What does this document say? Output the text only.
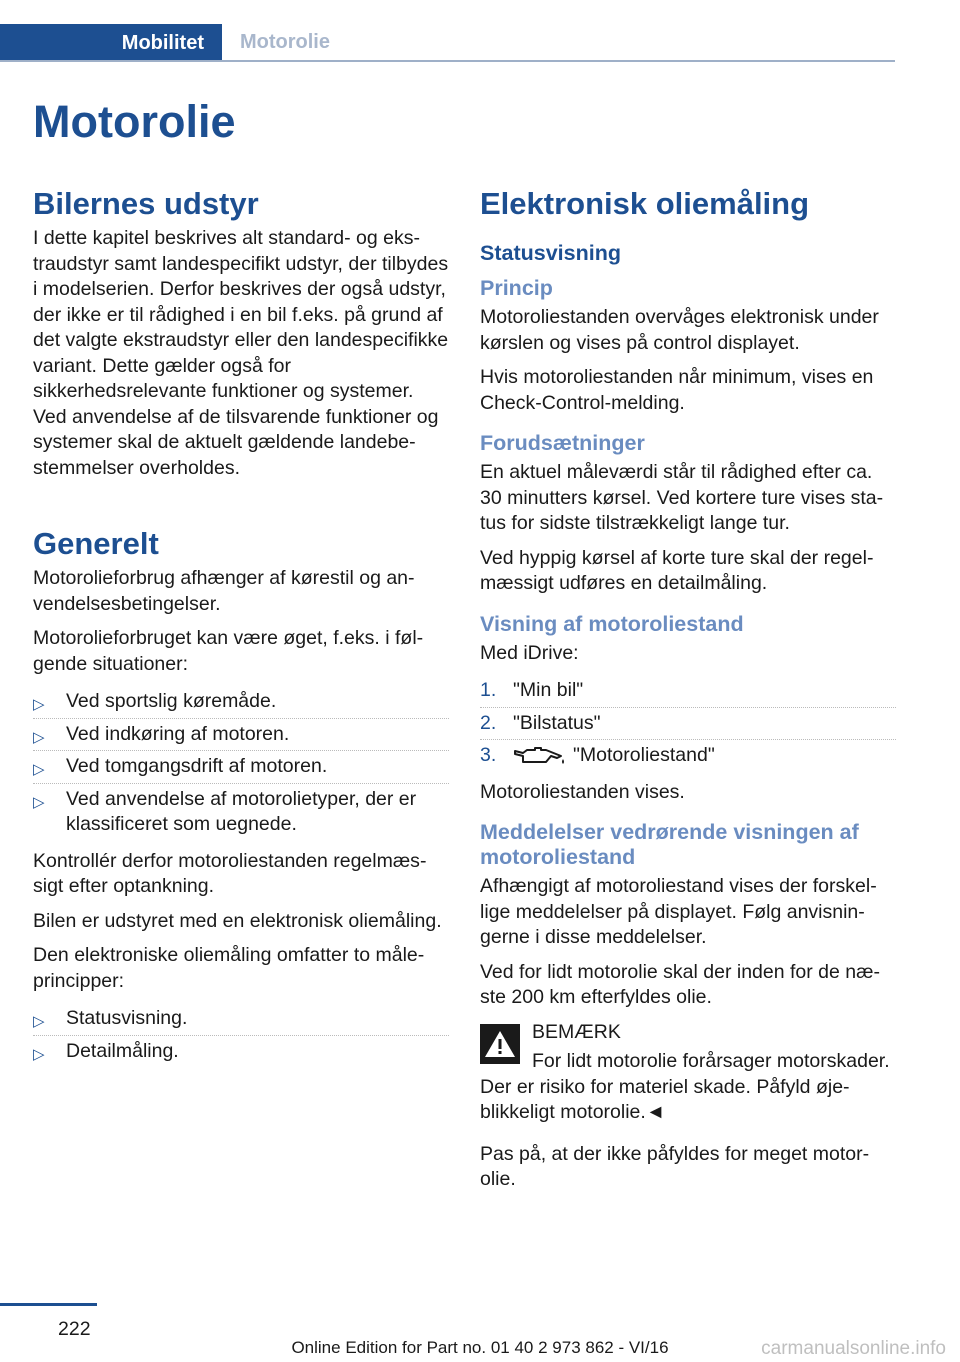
Mobilitet	Motorolie
Motorolie
Bilernes udstyr

I dette kapitel beskrives alt standard- og ekstraudstyr samt landespecifikt udstyr, der tilbydes i modelserien. Derfor beskrives der også udstyr, der ikke er til rådighed i en bil f.eks. på grund af det valgte ekstraudstyr eller den landespecifikke variant. Dette gælder også for sikkerhedsrelevante funktioner og systemer. Ved anvendelse af de tilsvarende funktioner og systemer skal de aktuelt gældende landebestemmelser overholdes.

Generelt

Motorolieforbrug afhænger af kørestil og anvendelsesbetingelser.

Motorolieforbruget kan være øget, f.eks. i følgende situationer:

▷ Ved sportslig køremåde.
▷ Ved indkøring af motoren.
▷ Ved tomgangsdrift af motoren.
▷ Ved anvendelse af motorolietyper, der er klassificeret som uegnede.

Kontrollér derfor motoroliestanden regelmæssigt efter optankning.

Bilen er udstyret med en elektronisk oliemåling.

Den elektroniske oliemåling omfatter to måleprincipper:

▷ Statusvisning.
▷ Detailmåling.
Elektronisk oliemåling
Statusvisning
Princip

Motoroliestanden overvåges elektronisk under kørslen og vises på control displayet.

Hvis motoroliestanden når minimum, vises en Check-Control-melding.

Forudsætninger

En aktuel måleværdi står til rådighed efter ca. 30 minutters kørsel. Ved kortere ture vises status for sidste tilstrækkeligt lange tur.

Ved hyppig kørsel af korte ture skal der regelmæssigt udføres en detailmåling.

Visning af motoroliestand

Med iDrive:

1. "Min bil"
2. "Bilstatus"
3.	"Motoroliestand"

Motoroliestanden vises.

Meddelelser vedrørende visningen af motoroliestand

Afhængigt af motoroliestand vises der forskellige meddelelser på displayet. Følg anvisningerne i disse meddelelser.

Ved for lidt motorolie skal der inden for de næste 200 km efterfyldes olie.

BEMÆRK

For lidt motorolie forårsager motorskader. Der er risiko for materiel skade. Påfyld øjeblikkeligt motorolie.◄

Pas på, at der ikke påfyldes for meget motorolie.

222
Online Edition for Part no. 01 40 2 973 862 - VI/16	carmanualsonline.info
